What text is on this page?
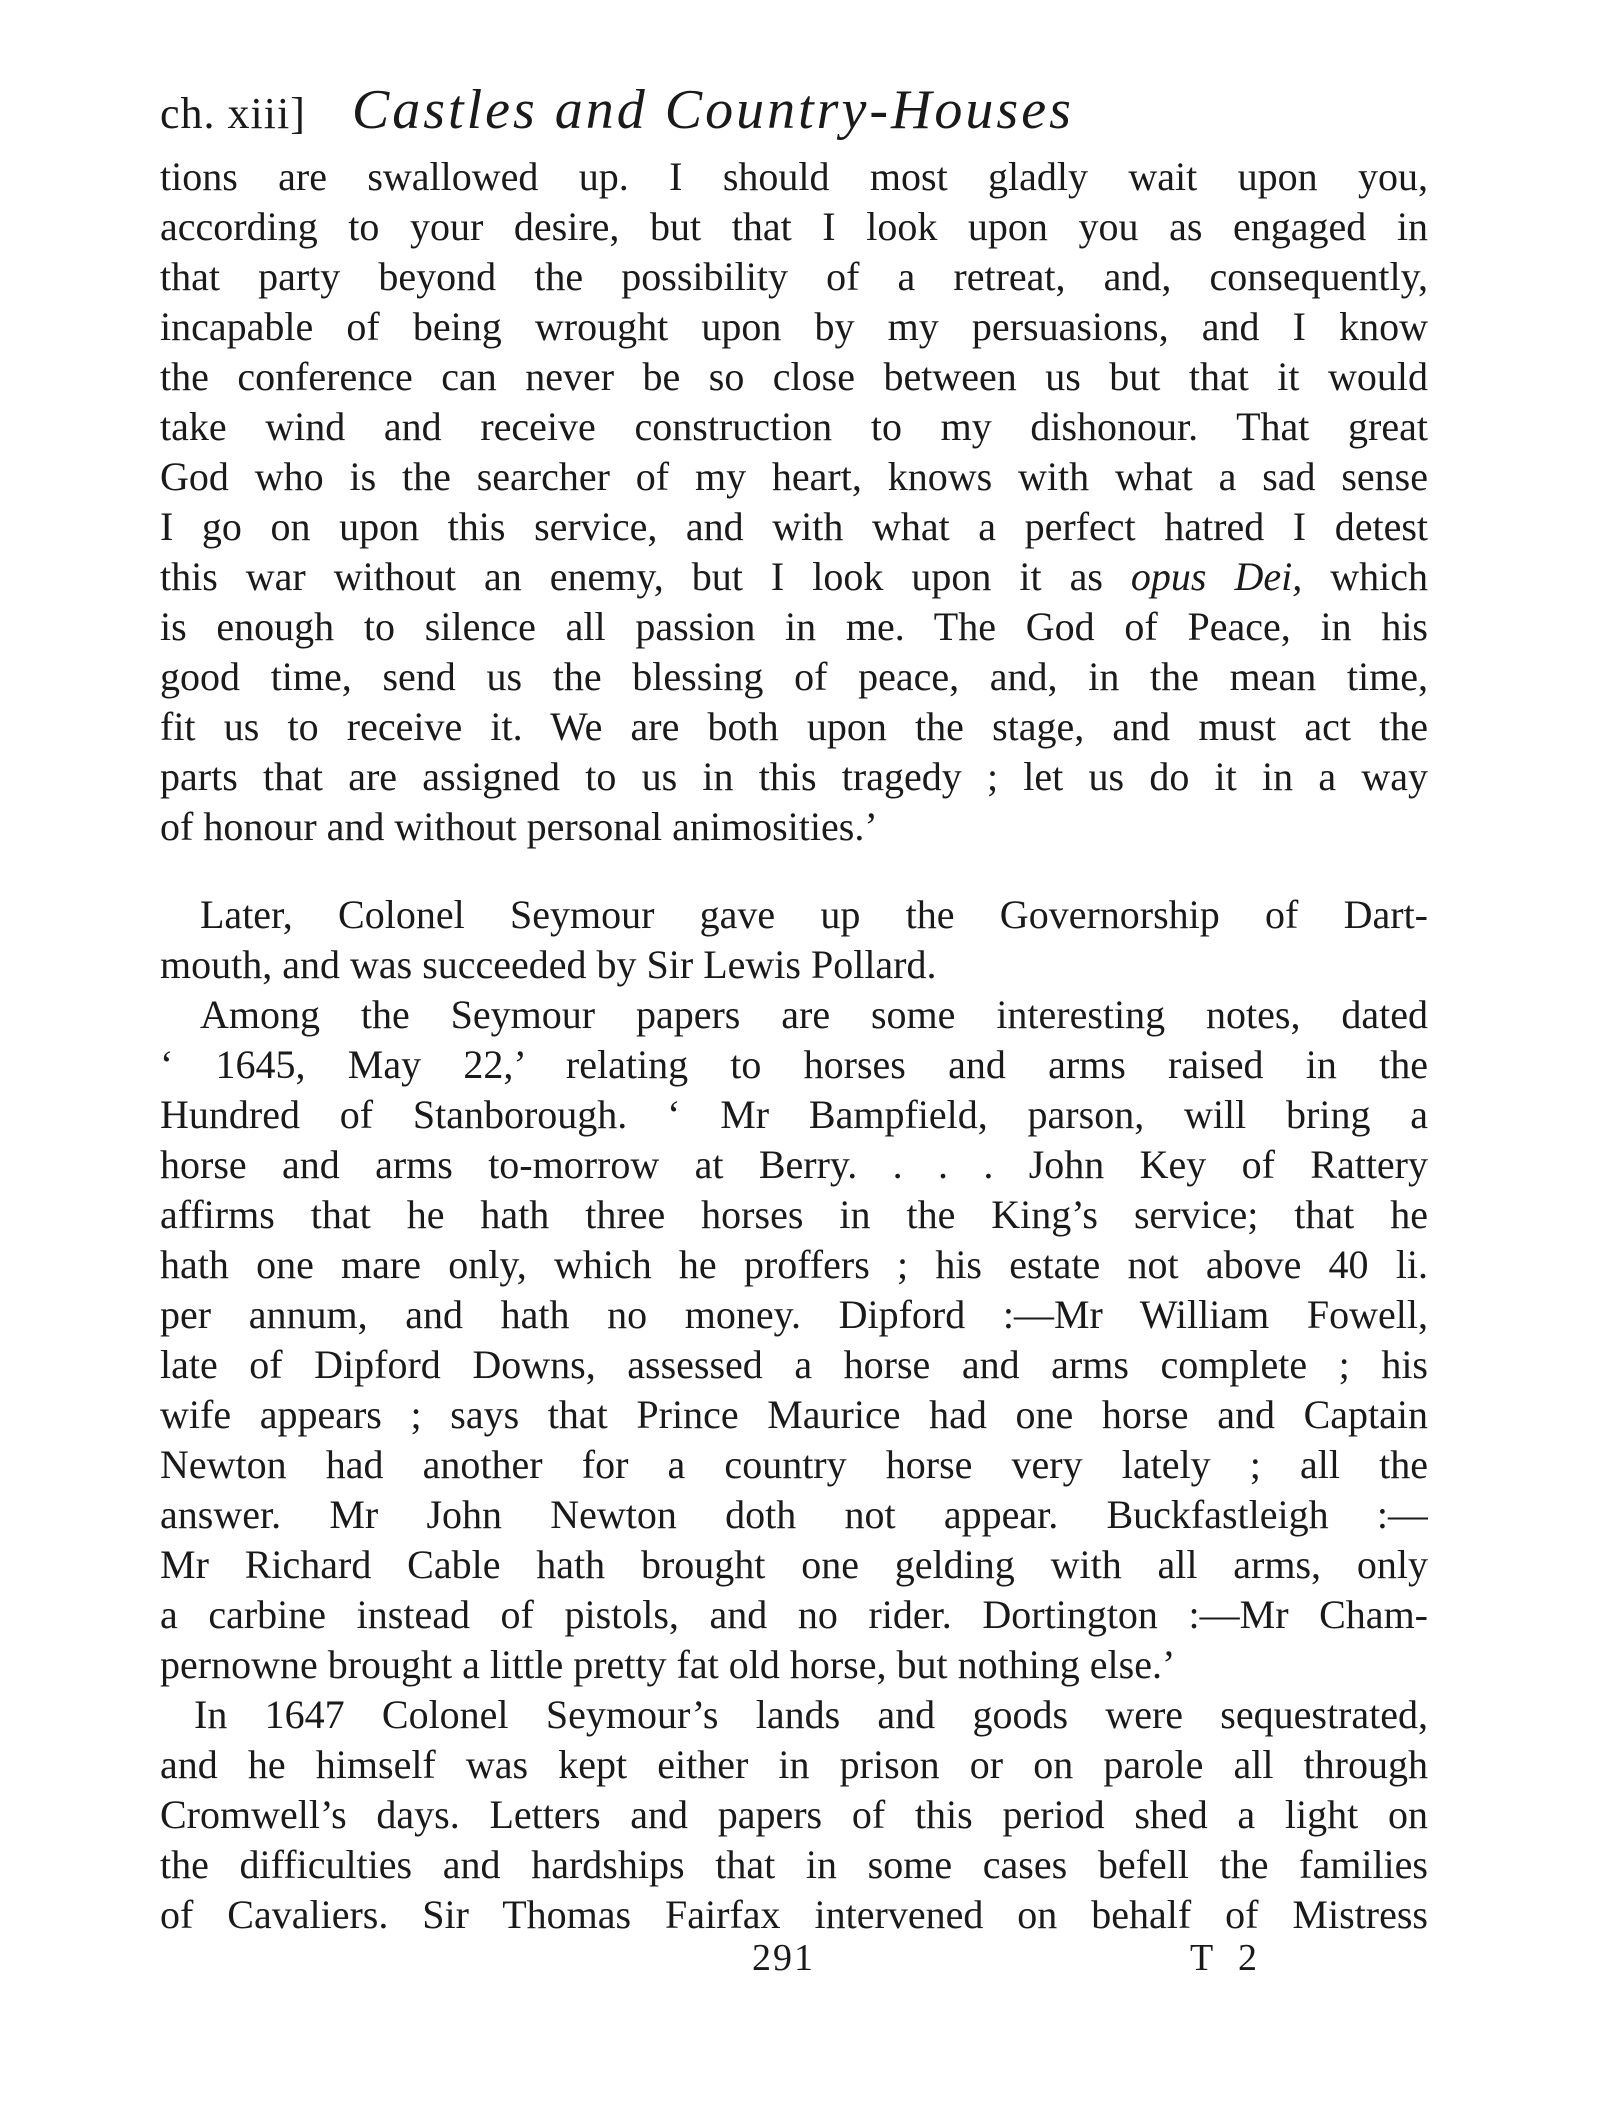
ch. xiii] Castles and Country-Houses
tions are swallowed up. I should most gladly wait upon you,
according to your desire, but that I look upon you as engaged in
that party beyond the possibility of a retreat, and, consequently,
incapable of being wrought upon by my persuasions, and I know
the conference can never be so close between us but that it would
take wind and receive construction to my dishonour. That great
God who is the searcher of my heart, knows with what a sad sense
I go on upon this service, and with what a perfect hatred I detest
this war without an enemy, but I look upon it as opus Dei, which
is enough to silence all passion in me. The God of Peace, in his
good time, send us the blessing of peace, and, in the mean time,
fit us to receive it. We are both upon the stage, and must act the
parts that are assigned to us in this tragedy ; let us do it in a way
of honour and without personal animosities.’
Later, Colonel Seymour gave up the Governorship of Dart-
mouth, and was succeeded by Sir Lewis Pollard.
Among the Seymour papers are some interesting notes, dated
‘ 1645, May 22,’ relating to horses and arms raised in the
Hundred of Stanborough. ‘ Mr Bampfield, parson, will bring a
horse and arms to-morrow at Berry. . . . John Key of Rattery
affirms that he hath three horses in the King’s service; that he
hath one mare only, which he proffers ; his estate not above 40 li.
per annum, and hath no money. Dipford :—Mr William Fowell,
late of Dipford Downs, assessed a horse and arms complete ; his
wife appears ; says that Prince Maurice had one horse and Captain
Newton had another for a country horse very lately ; all the
answer. Mr John Newton doth not appear. Buckfastleigh :—
Mr Richard Cable hath brought one gelding with all arms, only
a carbine instead of pistols, and no rider. Dortington :—Mr Cham-
pernowne brought a little pretty fat old horse, but nothing else.’
In 1647 Colonel Seymour’s lands and goods were sequestrated,
and he himself was kept either in prison or on parole all through
Cromwell’s days. Letters and papers of this period shed a light on
the difficulties and hardships that in some cases befell the families
of Cavaliers. Sir Thomas Fairfax intervened on behalf of Mistress
291	T 2
